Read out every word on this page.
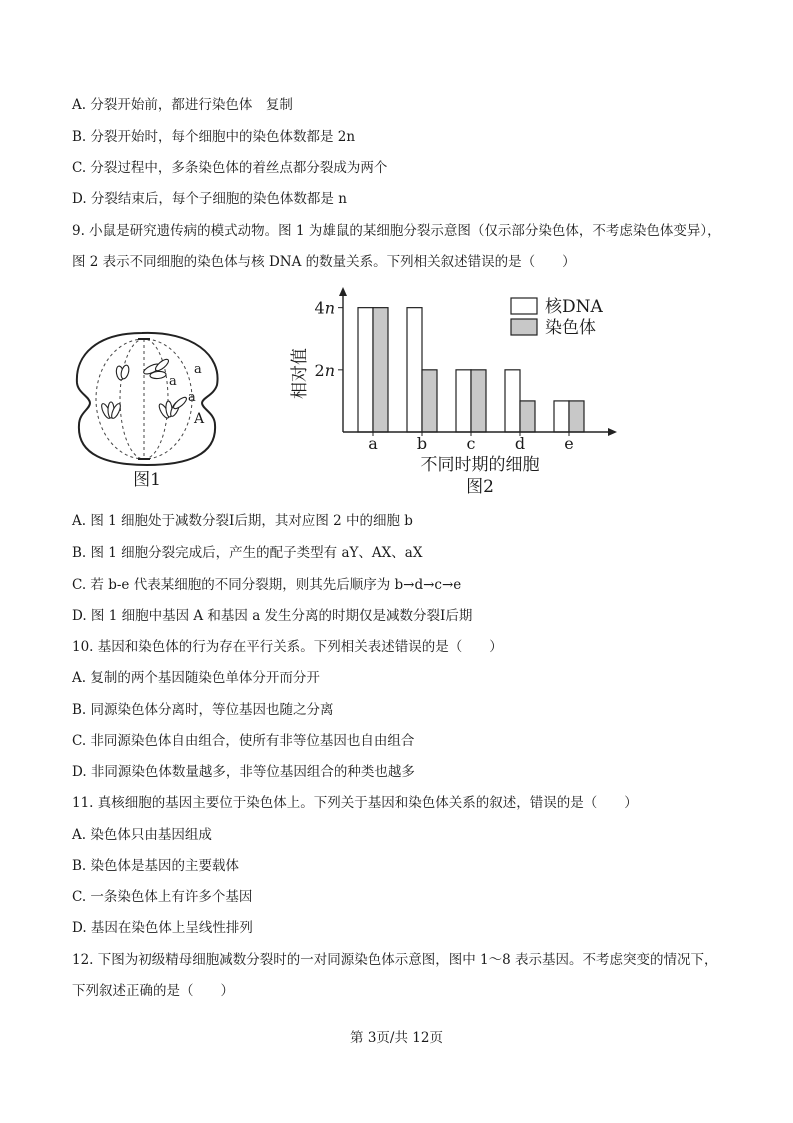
A. 分裂开始前，都进行染色体　复制
B. 分裂开始时，每个细胞中的染色体数都是 2n
C. 分裂过程中，多条染色体的着丝点都分裂成为两个
D. 分裂结束后，每个子细胞的染色体数都是 n
9. 小鼠是研究遗传病的模式动物。图 1 为雄鼠的某细胞分裂示意图（仅示部分染色体，不考虑染色体变异），
图 2 表示不同细胞的染色体与核 DNA 的数量关系。下列相关叙述错误的是（　　）
a
a
a
A
图1
4n
2n
a b c d e
相对值
不同时期的细胞
图2
核DNA
染色体
A. 图 1 细胞处于减数分裂Ⅰ后期，其对应图 2 中的细胞 b
B. 图 1 细胞分裂完成后，产生的配子类型有 aY、AX、aX
C. 若 b-e 代表某细胞的不同分裂期，则其先后顺序为 b→d→c→e
D. 图 1 细胞中基因 A 和基因 a 发生分离的时期仅是减数分裂Ⅰ后期
10. 基因和染色体的行为存在平行关系。下列相关表述错误的是（　　）
A. 复制的两个基因随染色单体分开而分开
B. 同源染色体分离时，等位基因也随之分离
C. 非同源染色体自由组合，使所有非等位基因也自由组合
D. 非同源染色体数量越多，非等位基因组合的种类也越多
11. 真核细胞的基因主要位于染色体上。下列关于基因和染色体关系的叙述，错误的是（　　）
A. 染色体只由基因组成
B. 染色体是基因的主要载体
C. 一条染色体上有许多个基因
D. 基因在染色体上呈线性排列
12. 下图为初级精母细胞减数分裂时的一对同源染色体示意图，图中 1～8 表示基因。不考虑突变的情况下，
下列叙述正确的是（　　）
第 3页/共 12页
